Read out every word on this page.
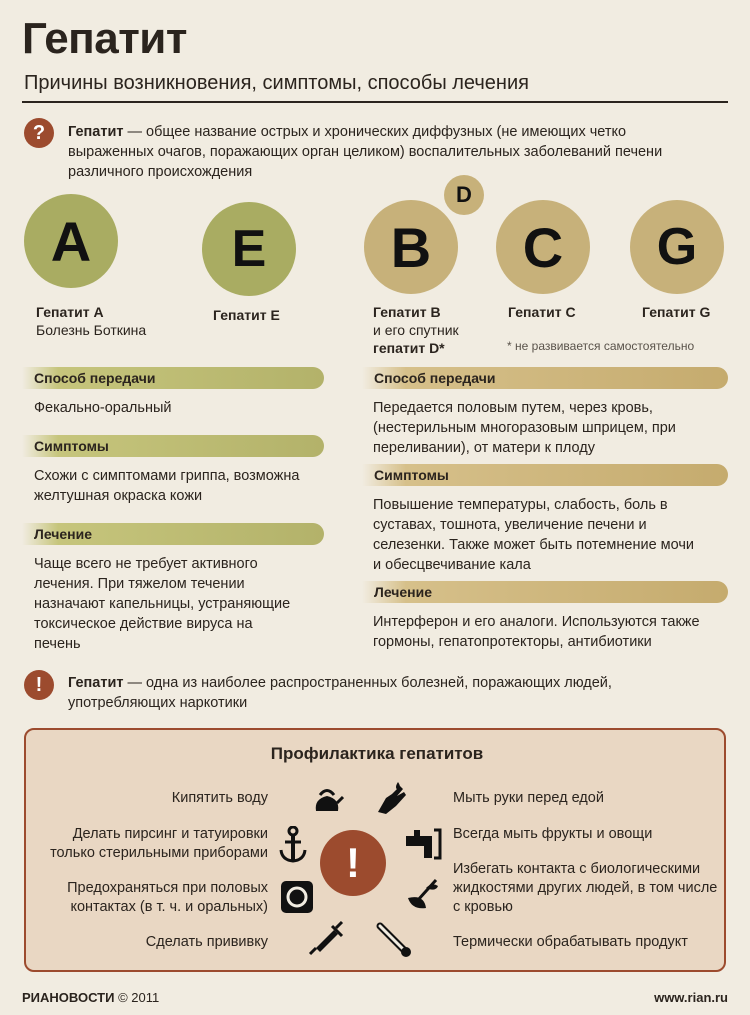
Гепатит
Причины возникновения, симптомы, способы лечения
?	Гепатит — общее название острых и хронических диффузных (не имеющих четко выраженных очагов, поражающих орган целиком) воспалительных заболеваний печени различного происхождения
A	E B
D
C G
Гепатит A
Болезнь Боткина
Гепатит E	Гепатит B
и его спутник
гепатит D*
Гепатит C	Гепатит G
* не развивается самостоятельно
Способ передачи
Фекально-оральный
Симптомы
Схожи с симптомами гриппа, возможна желтушная окраска кожи
Лечение
Чаще всего не требует активного лечения. При тяжелом течении назначают капельницы, устраняющие токсическое действие вируса на печень
Способ передачи
Передается половым путем, через кровь, (нестерильным многоразовым шприцем, при переливании), от матери к плоду
Симптомы
Повышение температуры, слабость, боль в суставах, тошнота, увеличение печени и селезенки. Также может быть потемнение мочи и обесцвечивание кала
Лечение
Интерферон и его аналоги. Используются также гормоны, гепатопротекторы, антибиотики
!	Гепатит — одна из наиболее распространенных болезней, поражающих людей, употребляющих наркотики
Профилактика гепатитов
Кипятить воду
Делать пирсинг и татуировки только стерильными приборами
Предохраняться при половых контактах (в т. ч. и оральных)
Сделать прививку
Мыть руки перед едой
Всегда мыть фрукты и овощи
Избегать контакта с биологическими жидкостями других людей, в том числе с кровью
Термически обрабатывать продукт
!
РИАНОВОСТИ © 2011	www.rian.ru
